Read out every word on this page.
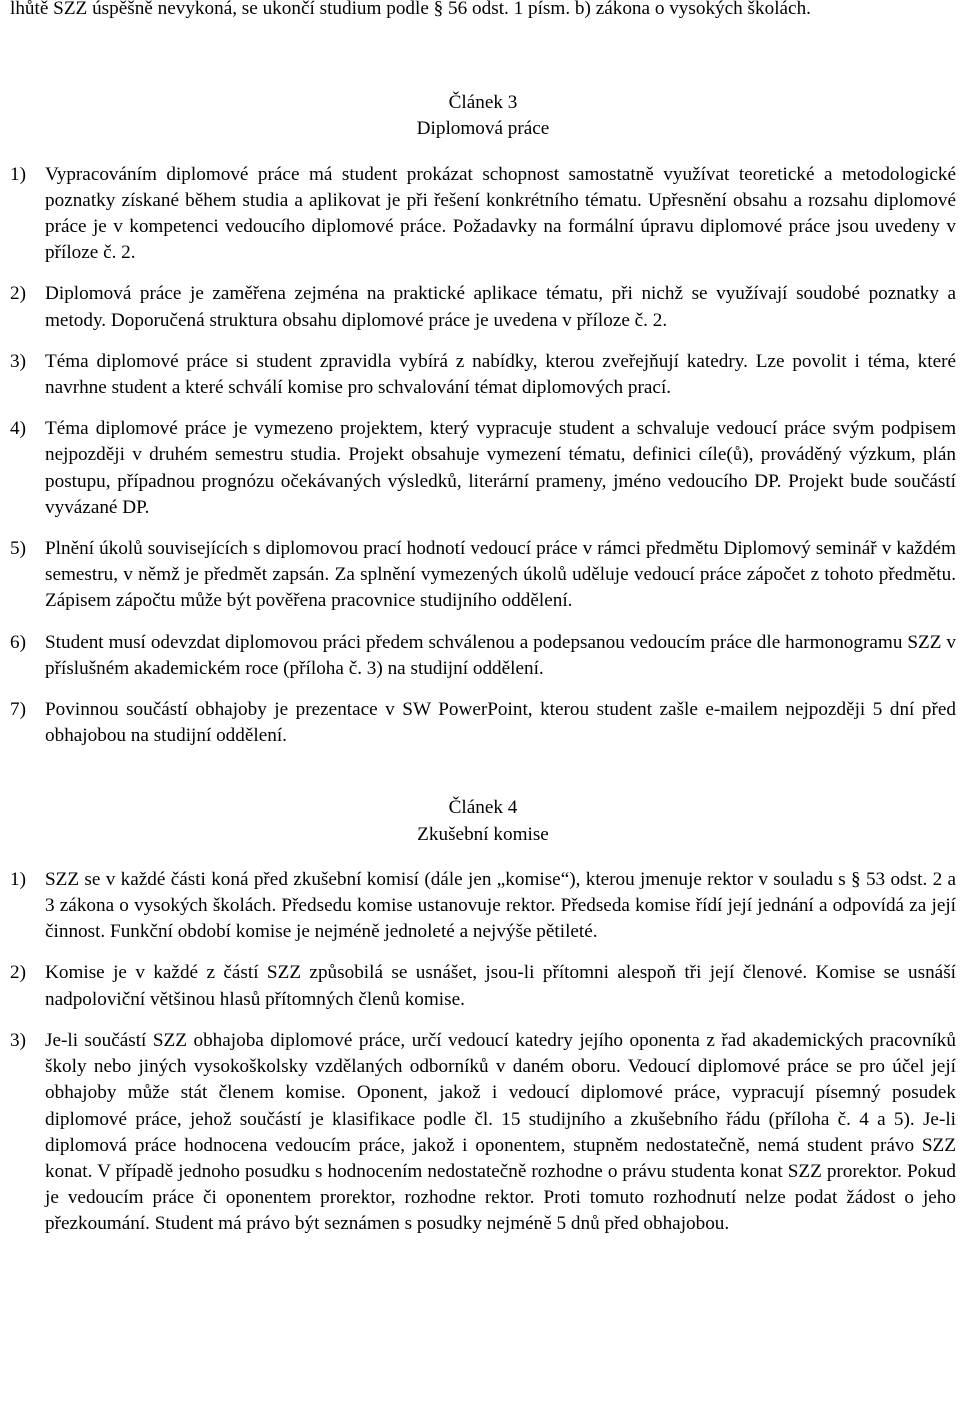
lhůtě SZZ úspěšně nevykoná, se ukončí studium podle § 56 odst. 1 písm. b) zákona o vysokých školách.

Článek 3
Diplomová práce
1) Vypracováním diplomové práce má student prokázat schopnost samostatně využívat teoretické a metodologické poznatky získané během studia a aplikovat je při řešení konkrétního tématu. Upřesnění obsahu a rozsahu diplomové práce je v kompetenci vedoucího diplomové práce. Požadavky na formální úpravu diplomové práce jsou uvedeny v příloze č. 2.
2) Diplomová práce je zaměřena zejména na praktické aplikace tématu, při nichž se využívají soudobé poznatky a metody. Doporučená struktura obsahu diplomové práce je uvedena v příloze č. 2.
3) Téma diplomové práce si student zpravidla vybírá z nabídky, kterou zveřejňují katedry. Lze povolit i téma, které navrhne student a které schválí komise pro schvalování témat diplomových prací.
4) Téma diplomové práce je vymezeno projektem, který vypracuje student a schvaluje vedoucí práce svým podpisem nejpozději v druhém semestru studia. Projekt obsahuje vymezení tématu, definici cíle(ů), prováděný výzkum, plán postupu, případnou prognózu očekávaných výsledků, literární prameny, jméno vedoucího DP. Projekt bude součástí vyvázané DP.
5) Plnění úkolů souvisejících s diplomovou prací hodnotí vedoucí práce v rámci předmětu Diplomový seminář v každém semestru, v němž je předmět zapsán. Za splnění vymezených úkolů uděluje vedoucí práce zápočet z tohoto předmětu. Zápisem zápočtu může být pověřena pracovnice studijního oddělení.
6) Student musí odevzdat diplomovou práci předem schválenou a podepsanou vedoucím práce dle harmonogramu SZZ v příslušném akademickém roce (příloha č. 3) na studijní oddělení.
7) Povinnou součástí obhajoby je prezentace v SW PowerPoint, kterou student zašle e-mailem nejpozději 5 dní před obhajobou na studijní oddělení.
Článek 4
Zkušební komise
1) SZZ se v každé části koná před zkušební komisí (dále jen „komise“), kterou jmenuje rektor v souladu s § 53 odst. 2 a 3 zákona o vysokých školách. Předsedu komise ustanovuje rektor. Předseda komise řídí její jednání a odpovídá za její činnost. Funkční období komise je nejméně jednoleté a nejvýše pětileté.
2) Komise je v každé z částí SZZ způsobilá se usnášet, jsou-li přítomni alespoň tři její členové. Komise se usnáší nadpoloviční většinou hlasů přítomných členů komise.
3) Je-li součástí SZZ obhajoba diplomové práce, určí vedoucí katedry jejího oponenta z řad akademických pracovníků školy nebo jiných vysokoškolsky vzdělaných odborníků v daném oboru. Vedoucí diplomové práce se pro účel její obhajoby může stát členem komise. Oponent, jakož i vedoucí diplomové práce, vypracují písemný posudek diplomové práce, jehož součástí je klasifikace podle čl. 15 studijního a zkušebního řádu (příloha č. 4 a 5). Je-li diplomová práce hodnocena vedoucím práce, jakož i oponentem, stupněm nedostatečně, nemá student právo SZZ konat. V případě jednoho posudku s hodnocením nedostatečně rozhodne o právu studenta konat SZZ prorektor. Pokud je vedoucím práce či oponentem prorektor, rozhodne rektor. Proti tomuto rozhodnutí nelze podat žádost o jeho přezkoumání. Student má právo být seznámen s posudky nejméně 5 dnů před obhajobou.
